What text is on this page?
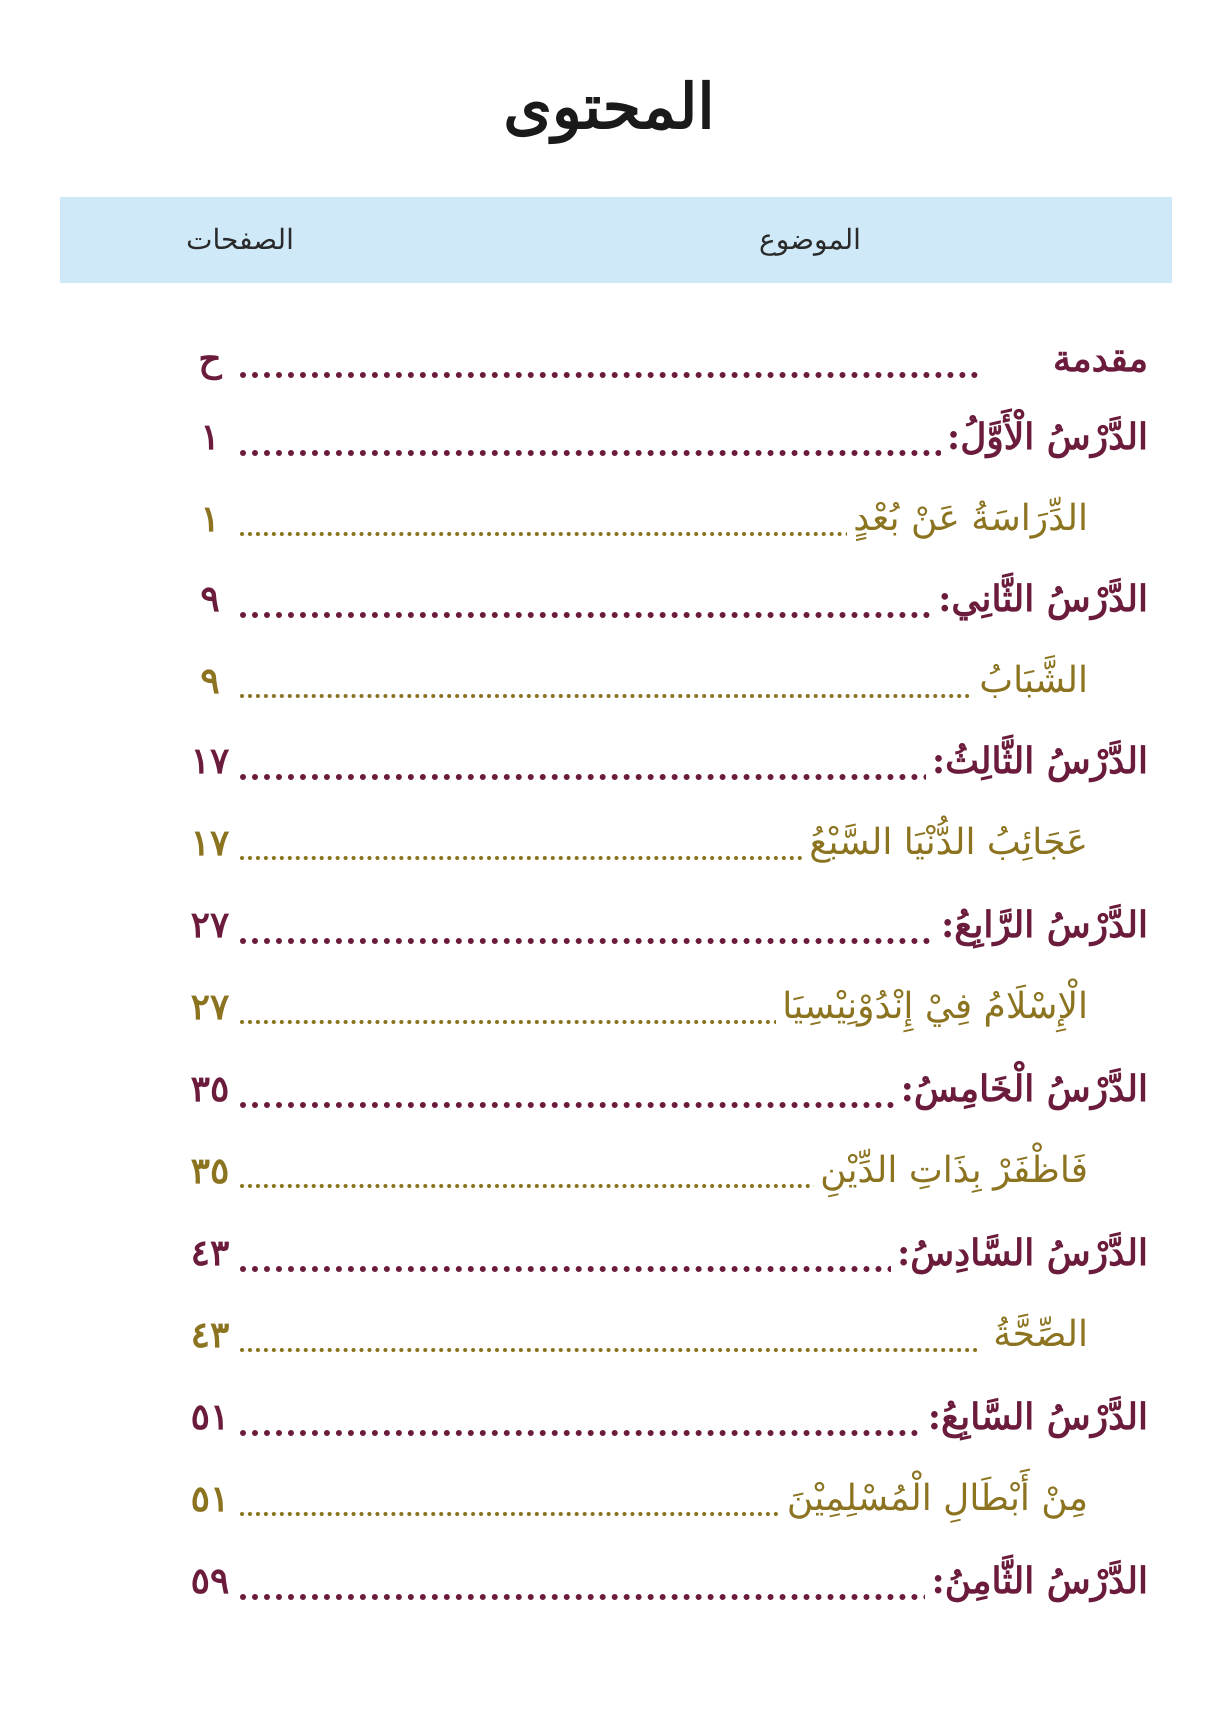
المحتوى
الموضوع
الصفحات
مقدمة
ح
الدَّرْسُ الْأَوَّلُ:
١
الدِّرَاسَةُ عَنْ بُعْدٍ
١
الدَّرْسُ الثَّانِي:
٩
الشَّبَابُ
٩
الدَّرْسُ الثَّالِثُ:
١٧
عَجَائِبُ الدُّنْيَا السَّبْعُ
١٧
الدَّرْسُ الرَّابِعُ:
٢٧
الْإِسْلَامُ فِيْ إِنْدُوْنِيْسِيَا
٢٧
الدَّرْسُ الْخَامِسُ:
٣٥
فَاظْفَرْ بِذَاتِ الدِّيْنِ
٣٥
الدَّرْسُ السَّادِسُ:
٤٣
الصِّحَّةُ
٤٣
الدَّرْسُ السَّابِعُ:
٥١
مِنْ أَبْطَالِ الْمُسْلِمِيْنَ
٥١
الدَّرْسُ الثَّامِنُ:
٥٩
